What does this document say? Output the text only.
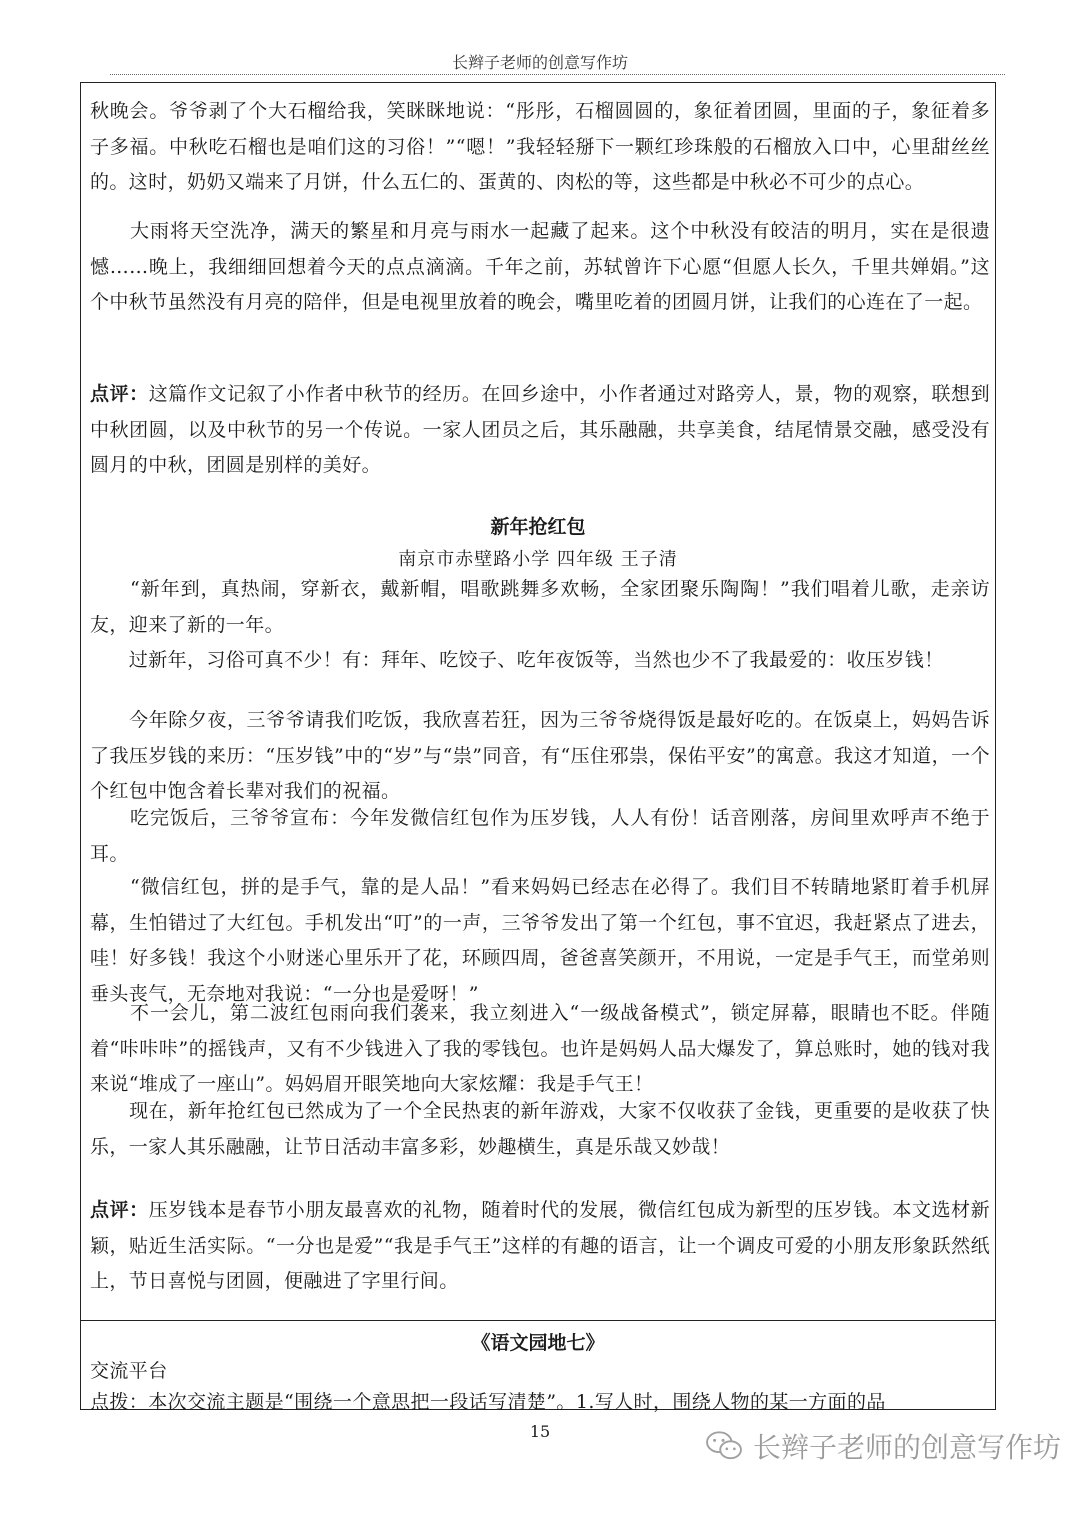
长辫子老师的创意写作坊

秋晚会。爷爷剥了个大石榴给我，笑眯眯地说：“彤彤，石榴圆圆的，象征着团圆，里面的子，象征着多子多福。中秋吃石榴也是咱们这的习俗！”“嗯！”我轻轻掰下一颗红珍珠般的石榴放入口中，心里甜丝丝的。这时，奶奶又端来了月饼，什么五仁的、蛋黄的、肉松的等，这些都是中秋必不可少的点心。

　　大雨将天空洗净，满天的繁星和月亮与雨水一起藏了起来。这个中秋没有皎洁的明月，实在是很遗憾……晚上，我细细回想着今天的点点滴滴。千年之前，苏轼曾许下心愿“但愿人长久，千里共婵娟。”这个中秋节虽然没有月亮的陪伴，但是电视里放着的晚会，嘴里吃着的团圆月饼，让我们的心连在了一起。

点评：这篇作文记叙了小作者中秋节的经历。在回乡途中，小作者通过对路旁人，景，物的观察，联想到中秋团圆，以及中秋节的另一个传说。一家人团员之后，其乐融融，共享美食，结尾情景交融，感受没有圆月的中秋，团圆是别样的美好。

新年抢红包
南京市赤壁路小学 四年级 王子清

　　“新年到，真热闹，穿新衣，戴新帽，唱歌跳舞多欢畅，全家团聚乐陶陶！”我们唱着儿歌，走亲访友，迎来了新的一年。

　　过新年，习俗可真不少！有：拜年、吃饺子、吃年夜饭等，当然也少不了我最爱的：收压岁钱！

　　今年除夕夜，三爷爷请我们吃饭，我欣喜若狂，因为三爷爷烧得饭是最好吃的。在饭桌上，妈妈告诉了我压岁钱的来历：“压岁钱”中的“岁”与“祟”同音，有“压住邪祟，保佑平安”的寓意。我这才知道，一个个红包中饱含着长辈对我们的祝福。

　　吃完饭后，三爷爷宣布：今年发微信红包作为压岁钱，人人有份！话音刚落，房间里欢呼声不绝于耳。

　　“微信红包，拼的是手气，靠的是人品！”看来妈妈已经志在必得了。我们目不转睛地紧盯着手机屏幕，生怕错过了大红包。手机发出“叮”的一声，三爷爷发出了第一个红包，事不宜迟，我赶紧点了进去，哇！好多钱！我这个小财迷心里乐开了花，环顾四周，爸爸喜笑颜开，不用说，一定是手气王，而堂弟则垂头丧气，无奈地对我说：“一分也是爱呀！”

　　不一会儿，第二波红包雨向我们袭来，我立刻进入“一级战备模式”，锁定屏幕，眼睛也不眨。伴随着“咔咔咔”的摇钱声，又有不少钱进入了我的零钱包。也许是妈妈人品大爆发了，算总账时，她的钱对我来说“堆成了一座山”。妈妈眉开眼笑地向大家炫耀：我是手气王！

　　现在，新年抢红包已然成为了一个全民热衷的新年游戏，大家不仅收获了金钱，更重要的是收获了快乐，一家人其乐融融，让节日活动丰富多彩，妙趣横生，真是乐哉又妙哉！

点评：压岁钱本是春节小朋友最喜欢的礼物，随着时代的发展，微信红包成为新型的压岁钱。本文选材新颖，贴近生活实际。“一分也是爱”“我是手气王”这样的有趣的语言，让一个调皮可爱的小朋友形象跃然纸上，节日喜悦与团圆，便融进了字里行间。

《语文园地七》

交流平台

点拨：本次交流主题是“围绕一个意思把一段话写清楚”。1.写人时，围绕人物的某一方面的品

15	长辫子老师的创意写作坊
